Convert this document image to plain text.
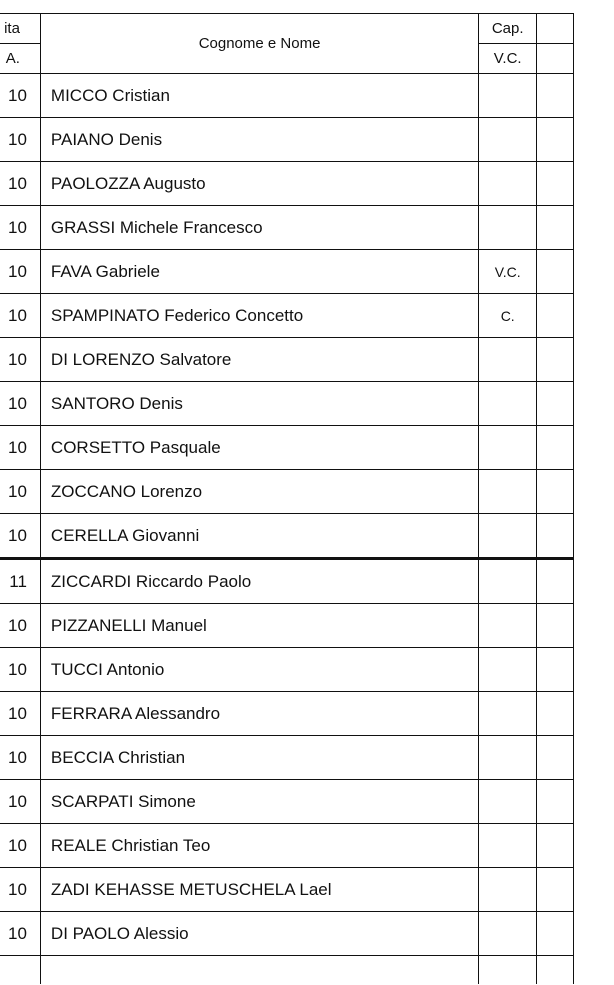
ita	Cognome e Nome	Cap.	
A.		V.C.	
10	MICCO Cristian		
10	PAIANO Denis		
10	PAOLOZZA Augusto		
10	GRASSI Michele Francesco		
10	FAVA Gabriele	V.C.	
10	SPAMPINATO Federico Concetto	C.	
10	DI LORENZO Salvatore		
10	SANTORO Denis		
10	CORSETTO Pasquale		
10	ZOCCANO Lorenzo		
10	CERELLA Giovanni		
11	ZICCARDI Riccardo Paolo		
10	PIZZANELLI Manuel		
10	TUCCI Antonio		
10	FERRARA Alessandro		
10	BECCIA Christian		
10	SCARPATI Simone		
10	REALE Christian Teo		
10	ZADI KEHASSE METUSCHELA Lael		
10	DI PAOLO Alessio		
